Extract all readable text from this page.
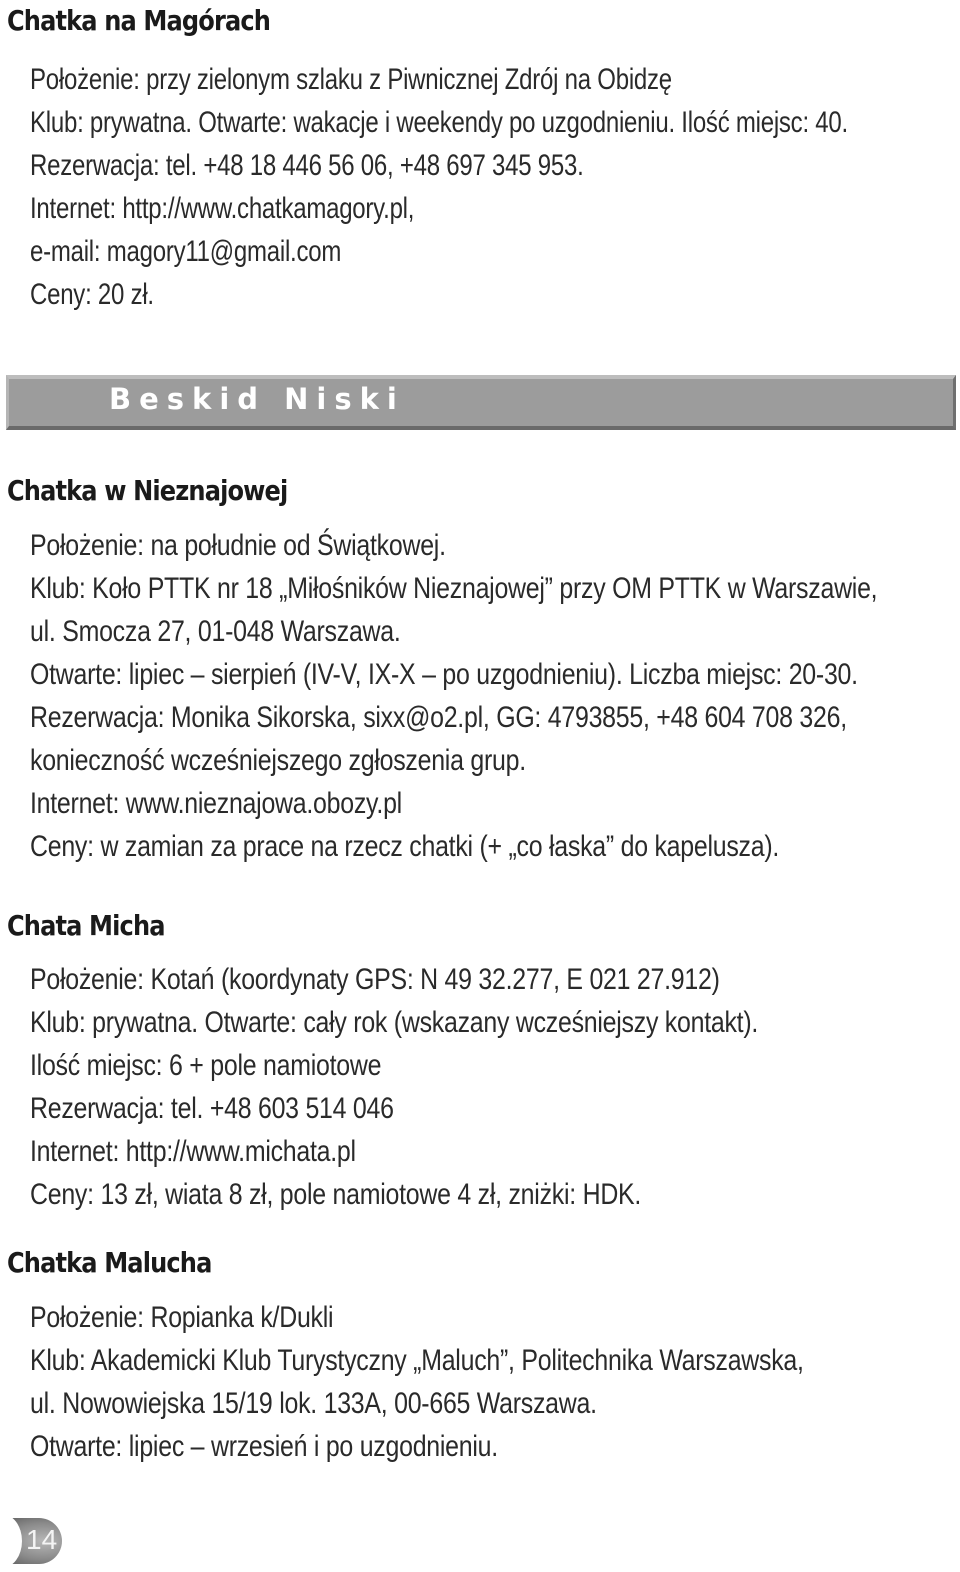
Chatka na Magórach
Położenie: przy zielonym szlaku z Piwnicznej Zdrój na Obidzę
Klub: prywatna. Otwarte: wakacje i weekendy po uzgodnieniu. Ilość miejsc: 40.
Rezerwacja: tel. +48 18 446 56 06, +48 697 345 953.
Internet: http://www.chatkamagory.pl,
e-mail: magory11@gmail.com
Ceny: 20 zł.
Beskid Niski
Chatka w Nieznajowej
Położenie: na południe od Świątkowej.
Klub: Koło PTTK nr 18 „Miłośników Nieznajowej” przy OM PTTK w Warszawie,
ul. Smocza 27, 01-048 Warszawa.
Otwarte: lipiec – sierpień (IV-V, IX-X – po uzgodnieniu). Liczba miejsc: 20-30.
Rezerwacja: Monika Sikorska, sixx@o2.pl, GG: 4793855, +48 604 708 326,
konieczność wcześniejszego zgłoszenia grup.
Internet: www.nieznajowa.obozy.pl
Ceny: w zamian za prace na rzecz chatki (+ „co łaska” do kapelusza).
Chata Micha
Położenie: Kotań (koordynaty GPS: N 49 32.277, E 021 27.912)
Klub: prywatna. Otwarte: cały rok (wskazany wcześniejszy kontakt).
Ilość miejsc: 6 + pole namiotowe
Rezerwacja: tel. +48 603 514 046
Internet: http://www.michata.pl
Ceny: 13 zł, wiata 8 zł, pole namiotowe 4 zł, zniżki: HDK.
Chatka Malucha
Położenie: Ropianka k/Dukli
Klub: Akademicki Klub Turystyczny „Maluch”, Politechnika Warszawska,
ul. Nowowiejska 15/19 lok. 133A, 00-665 Warszawa.
Otwarte: lipiec – wrzesień i po uzgodnieniu.
14
